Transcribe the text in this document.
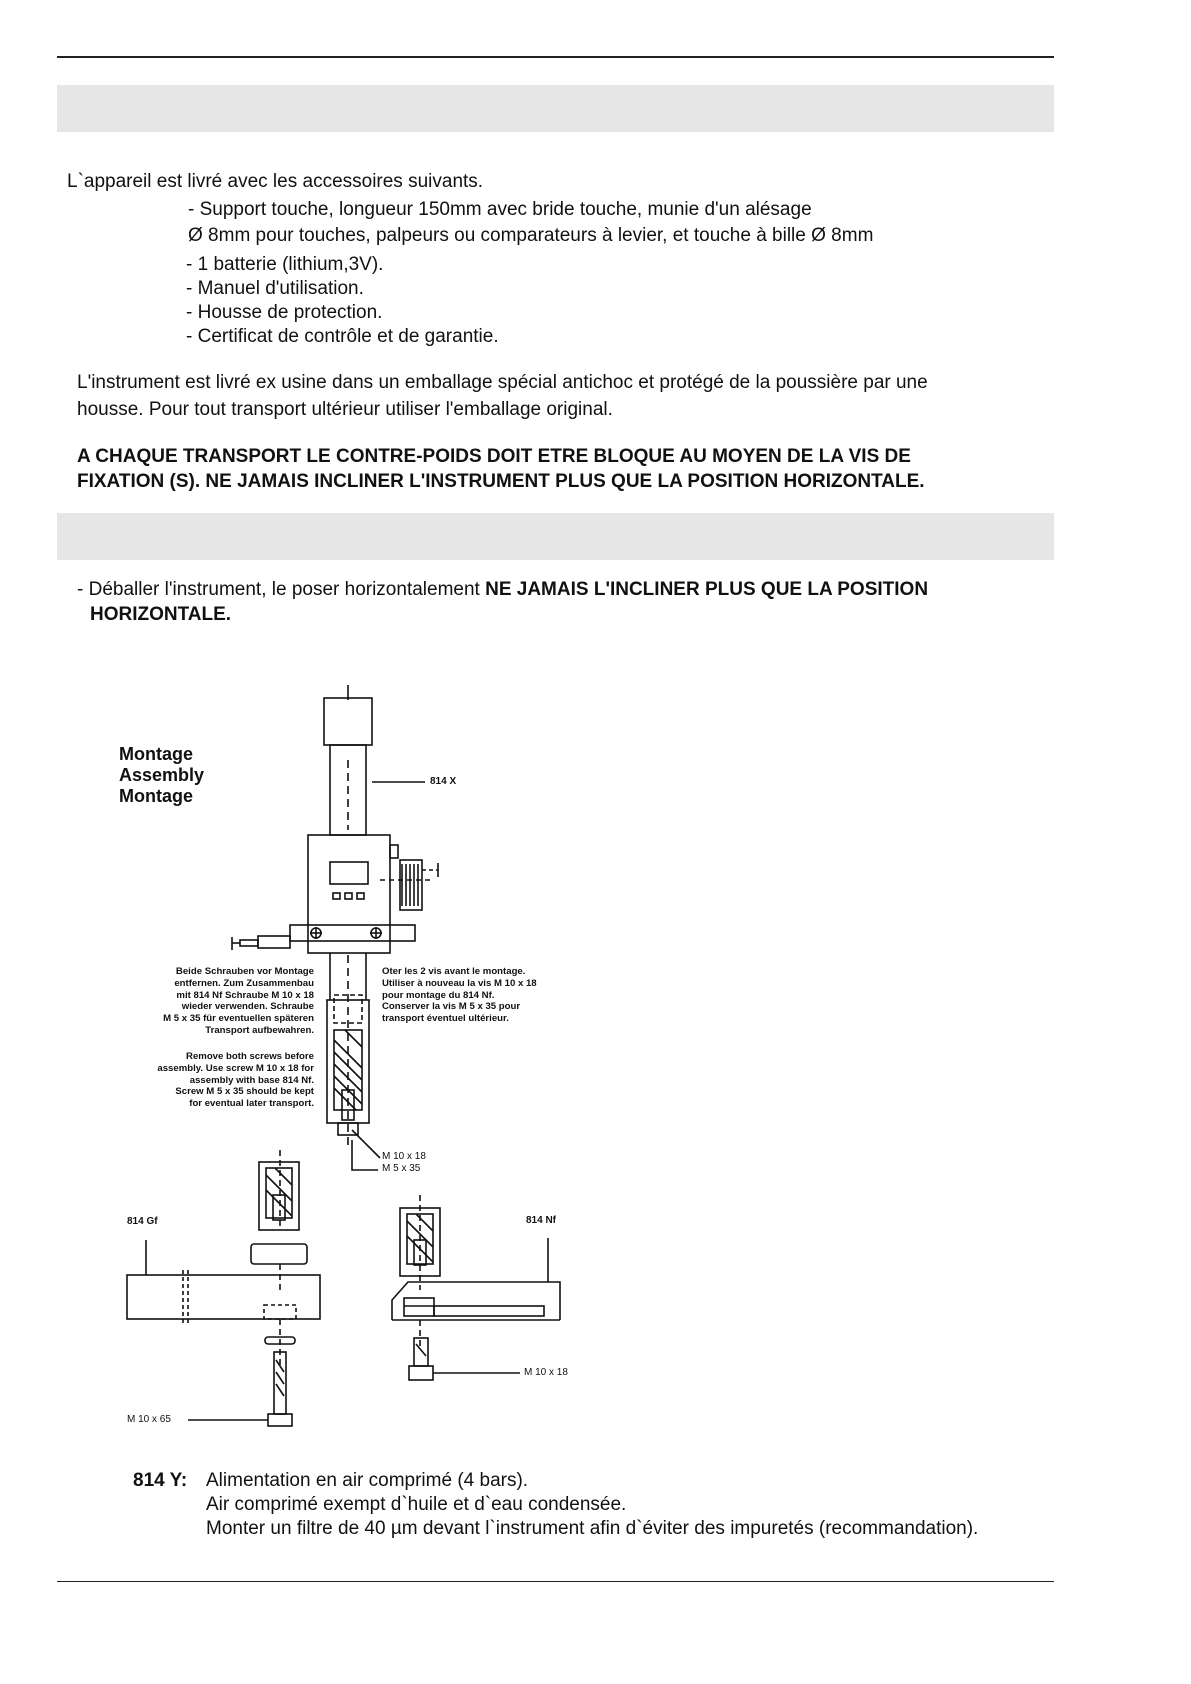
L`appareil est livré avec les accessoires suivants.

- Support touche, longueur 150mm avec bride touche, munie d'un alésage

Ø 8mm pour touches, palpeurs ou comparateurs à levier, et touche à bille Ø 8mm

- 1 batterie (lithium,3V).

- Manuel d'utilisation.

- Housse de protection.

- Certificat de contrôle et de garantie.

L'instrument est livré ex usine dans un emballage spécial antichoc et protégé de la poussière par une

housse. Pour tout transport ultérieur utiliser l'emballage original.

A CHAQUE TRANSPORT LE CONTRE-POIDS DOIT ETRE BLOQUE AU MOYEN DE LA VIS DE

FIXATION (S). NE JAMAIS INCLINER L'INSTRUMENT PLUS QUE LA POSITION HORIZONTALE.

- Déballer l'instrument, le poser horizontalement NE JAMAIS L'INCLINER PLUS QUE LA POSITION

HORIZONTALE.

Montage
Assembly
Montage
814 X
Beide Schrauben vor Montage
entfernen. Zum Zusammenbau
mit 814 Nf Schraube M 10 x 18
wieder verwenden. Schraube
M 5 x 35 für eventuellen späteren
Transport aufbewahren.
Remove both screws before
assembly. Use screw M 10 x 18 for
assembly with base 814 Nf.
Screw M 5 x 35 should be kept
for eventual later transport.
Oter les 2 vis avant le montage.
Utiliser à nouveau la vis M 10 x 18
pour montage du 814 Nf.
Conserver la vis M 5 x 35 pour
transport éventuel ultérieur.
M 10 x 18
M 5 x 35
814 Gf	814 Nf
M 10 x 18
M 10 x 65

814 Y: Alimentation en air comprimé (4 bars).

Air comprimé exempt d`huile et d`eau condensée.

Monter un filtre de 40 µm devant l`instrument afin d`éviter des impuretés (recommandation).
